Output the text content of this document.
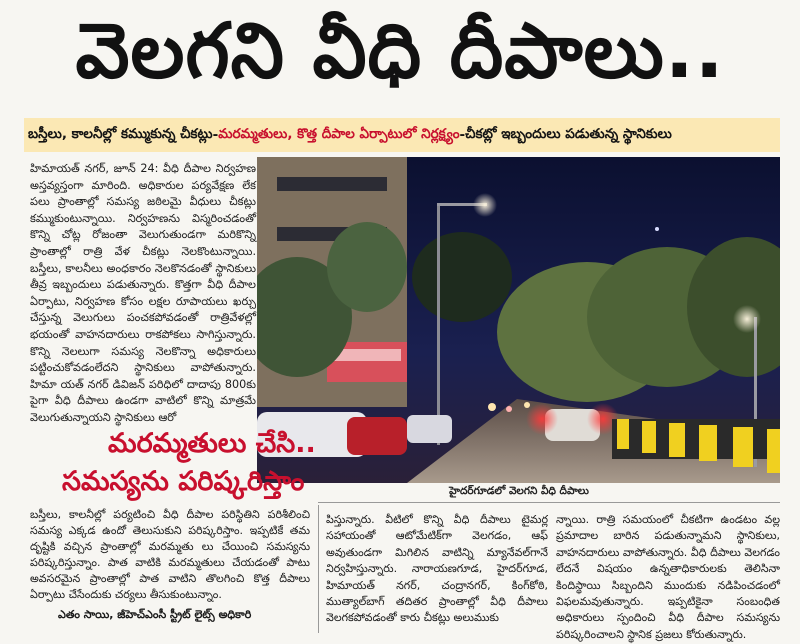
వెలగని వీధి దీపాలు..
బస్తీలు, కాలనీల్లో కమ్ముకున్న చీకట్లు - మరమ్మతులు, కొత్త దీపాల ఏర్పాటులో నిర్లక్ష్యం - చీకట్లో ఇబ్బందులు పడుతున్న స్థానికులు
హిమాయత్ నగర్, జూన్ 24: వీధి దీపాల నిర్వహణ అస్తవ్యస్తంగా మారింది. అధికారుల పర్యవేక్షణ లేక పలు ప్రాంతాల్లో సమస్య జఠిలమై వీధులు చీకట్లు కమ్ముకుంటున్నాయి. నిర్వహణను విస్మరించడంతో కొన్ని చోట్ల రోజంతా వెలుగుతుండగా మరికొన్ని ప్రాంతాల్లో రాత్రి వేళ చీకట్లు నెలకొంటున్నాయి. బస్తీలు, కాలనీలు అంధకారం నెలకొనడంతో స్థానికులు తీవ్ర ఇబ్బందులు పడుతున్నారు. కొత్తగా వీధి దీపాల ఏర్పాటు, నిర్వహణ కోసం లక్షల రూపాయలు ఖర్చు చేస్తున్న వెలుగులు పంచకపోవడంతో రాత్రివేళల్లో భయంతో వాహనదారులు రాకపోకలు సాగిస్తున్నారు. కొన్ని నెలలుగా సమస్య నెలకొన్నా అధికారులు పట్టించుకోవడంలేదని స్థానికులు వాపోతున్నారు. హిమా యత్ నగర్ డివిజన్ పరిధిలో దాదాపు 800కు పైగా వీధి దీపాలు ఉండగా వాటిలో కొన్ని మాత్రమే వెలుగుతున్నాయని స్థానికులు ఆరో
హైదర్‌గూడలో వెలగని వీధి దీపాలు
మరమ్మతులు చేసి..
సమస్యను పరిష్కరిస్తాం
బస్తీలు, కాలనీల్లో పర్యటించి వీధి దీపాల పరిస్థితిని పరిశీలించి సమస్య ఎక్కడ ఉందో తెలుసుకుని పరిష్కరిస్తాం. ఇప్పటికే తమ దృష్టికి వచ్చిన ప్రాంతాల్లో మరమ్మతు లు చేయించి సమస్యను పరిష్కరిస్తున్నాం. పాత వాటికి మరమ్మతులు చేయడంతో పాటు అవసరమైన ప్రాంతాల్లో పాత వాటిని తొలగించి కొత్త దీపాలు ఏర్పాటు చేసేందుకు చర్యలు తీసుకుంటున్నాం.
ఎతం సాయి, జీహెచ్‌ఎంసీ స్ట్రీట్ లైట్స్ అధికారి
పిస్తున్నారు. వీటిలో కొన్ని వీధి దీపాలు టైమర్ల సహాయంతో ఆటోమేటిక్‌గా వెలగడం, ఆఫ్ అవుతుండగా మిగిలిన వాటిన్ని మ్యానేవల్‌గానే నిర్వహిస్తున్నారు. నారాయణగూడ, హైదర్‌గూడ, హిమాయత్ నగర్, చంద్రానగర్, కింగ్‌కోఠి, ముత్యాల్‌బాగ్ తదితర ప్రాంతాల్లో వీధి దీపాలు వెలగకపోవడంతో కారు చీకట్లు అలుముకు
న్నాయి. రాత్రి సమయంలో చీకటిగా ఉండటం వల్ల ప్రమాదాల బారిన పడుతున్నామని స్థానికులు, వాహనదారులు వాపోతున్నారు. వీధి దీపాలు వెలగడం లేదనే విషయం ఉన్నతాధికారులకు తెలిసినా కిందిస్థాయి సిబ్బందిని ముందుకు నడిపించడంలో విఫలమవుతున్నారు. ఇప్పటికైనా సంబంధిత అధికారులు స్పందించి వీధి దీపాల సమస్యను పరిష్కరించాలని స్థానిక ప్రజలు కోరుతున్నారు.
